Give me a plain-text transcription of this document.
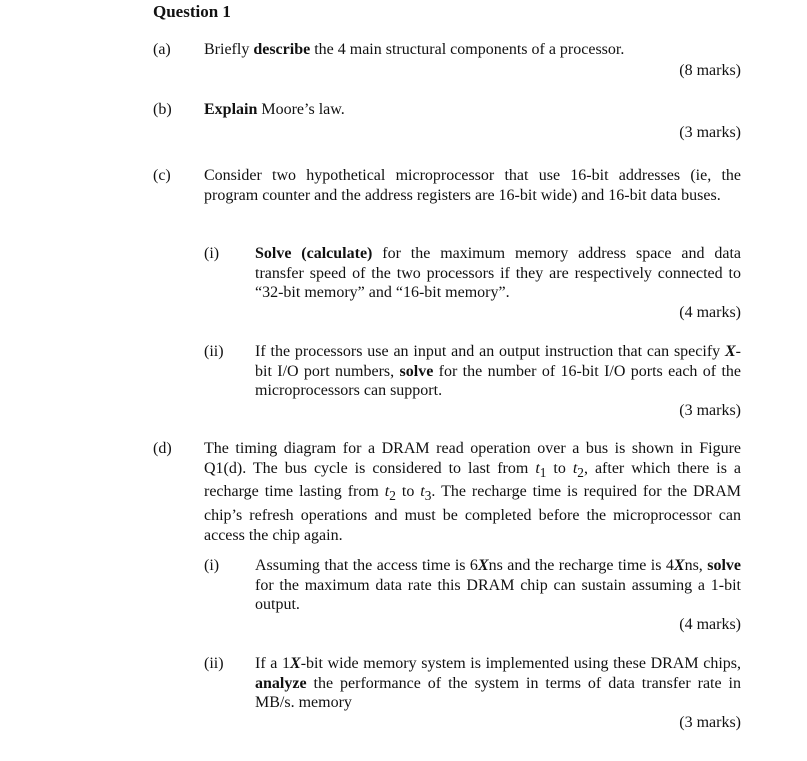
Question 1
(a) Briefly describe the 4 main structural components of a processor.
(8 marks)
(b) Explain Moore’s law.
(3 marks)
(c) Consider two hypothetical microprocessor that use 16-bit addresses (ie, the program counter and the address registers are 16-bit wide) and 16-bit data buses.
(i) Solve (calculate) for the maximum memory address space and data transfer speed of the two processors if they are respectively connected to “32-bit memory” and “16-bit memory”.
(4 marks)
(ii) If the processors use an input and an output instruction that can specify X-bit I/O port numbers, solve for the number of 16-bit I/O ports each of the microprocessors can support.
(3 marks)
(d) The timing diagram for a DRAM read operation over a bus is shown in Figure Q1(d). The bus cycle is considered to last from $t_1$ to $t_2$, after which there is a recharge time lasting from $t_2$ to $t_3$. The recharge time is required for the DRAM chip’s refresh operations and must be completed before the microprocessor can access the chip again.
(i) Assuming that the access time is 6Xns and the recharge time is 4Xns, solve for the maximum data rate this DRAM chip can sustain assuming a 1-bit output.
(4 marks)
(ii) If a 1X-bit wide memory system is implemented using these DRAM chips, analyze the performance of the system in terms of data transfer rate in MB/s. memory
(3 marks)
